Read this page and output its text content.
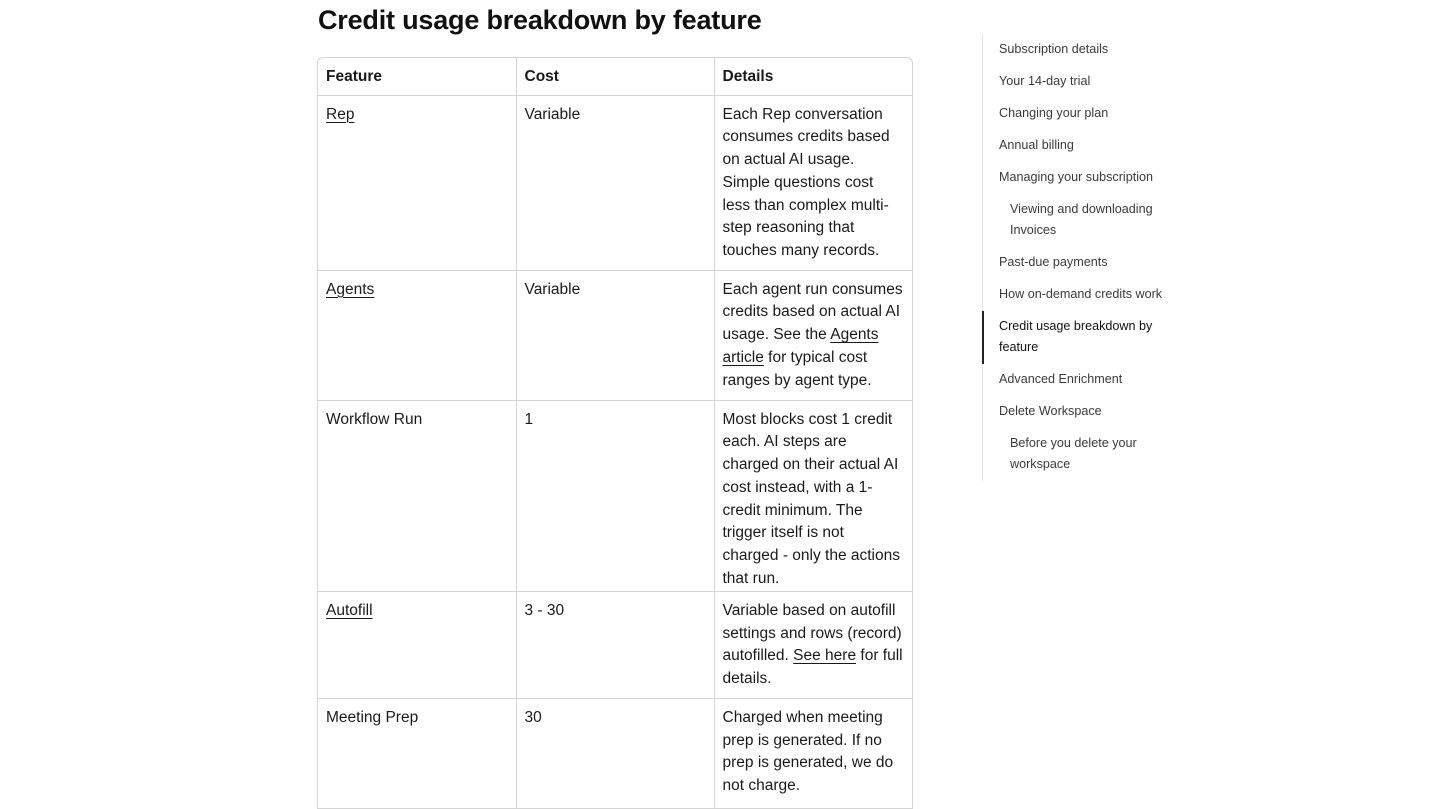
Credit usage breakdown by feature
Feature	Cost	Details
Rep	Variable	Each Rep conversation consumes credits based on actual AI usage. Simple questions cost less than complex multi-step reasoning that touches many records.
Agents	Variable	Each agent run consumes credits based on actual AI usage. See the Agents article for typical cost ranges by agent type.
Workflow Run	1	Most blocks cost 1 credit each. AI steps are charged on their actual AI cost instead, with a 1-credit minimum. The trigger itself is not charged - only the actions that run.
Autofill	3 - 30	Variable based on autofill settings and rows (record) autofilled. See here for full details.
Meeting Prep	30	Charged when meeting prep is generated. If no prep is generated, we do not charge.
Subscription details
Your 14-day trial
Changing your plan
Annual billing
Managing your subscription
Viewing and downloading Invoices
Past-due payments
How on-demand credits work
Credit usage breakdown by feature
Advanced Enrichment
Delete Workspace
Before you delete your workspace
